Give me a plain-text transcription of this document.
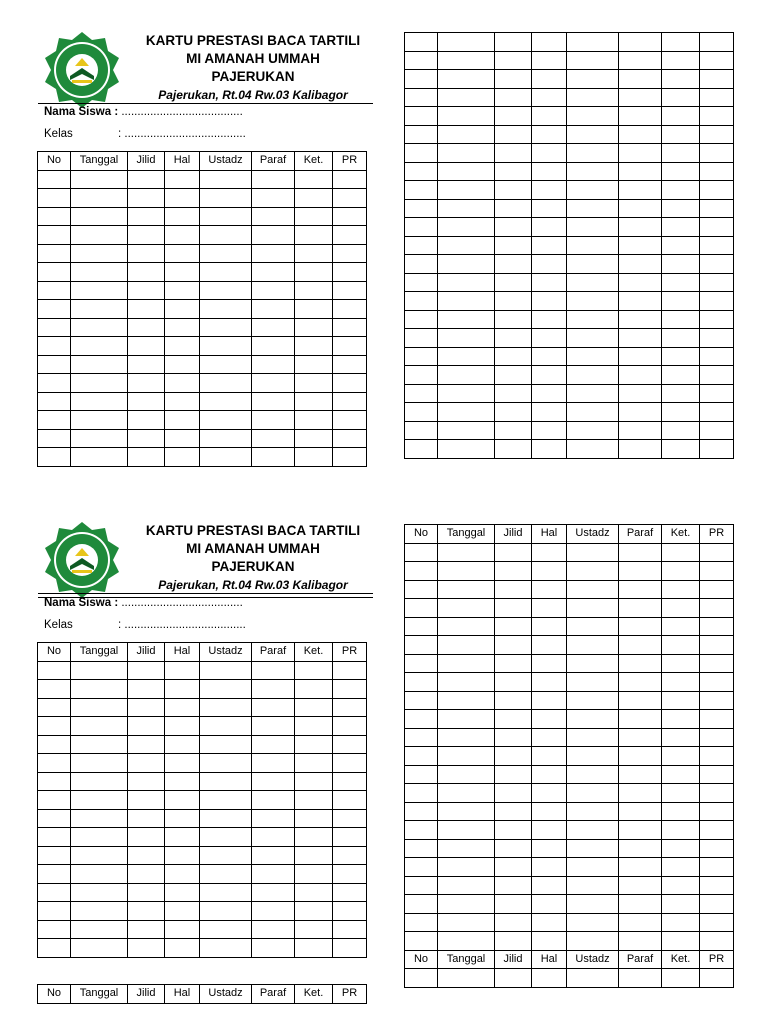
KARTU PRESTASI BACA TARTILI
MI AMANAH UMMAH
PAJERUKAN
Pajerukan, Rt.04 Rw.03 Kalibagor
Nama Siswa : ......................................
Kelas	: ......................................
No	Tanggal	Jilid	Hal	Ustadz	Paraf	Ket.	PR

KARTU PRESTASI BACA TARTILI
MI AMANAH UMMAH
PAJERUKAN
Pajerukan, Rt.04 Rw.03 Kalibagor
Nama Siswa : ......................................
Kelas	: ......................................
No	Tanggal	Jilid	Hal	Ustadz	Paraf	Ket.	PR

No	Tanggal	Jilid	Hal	Ustadz	Paraf	Ket.	PR
No	Tanggal	Jilid	Hal	Ustadz	Paraf	Ket.	PR

No	Tanggal	Jilid	Hal	Ustadz	Paraf	Ket.	PR
